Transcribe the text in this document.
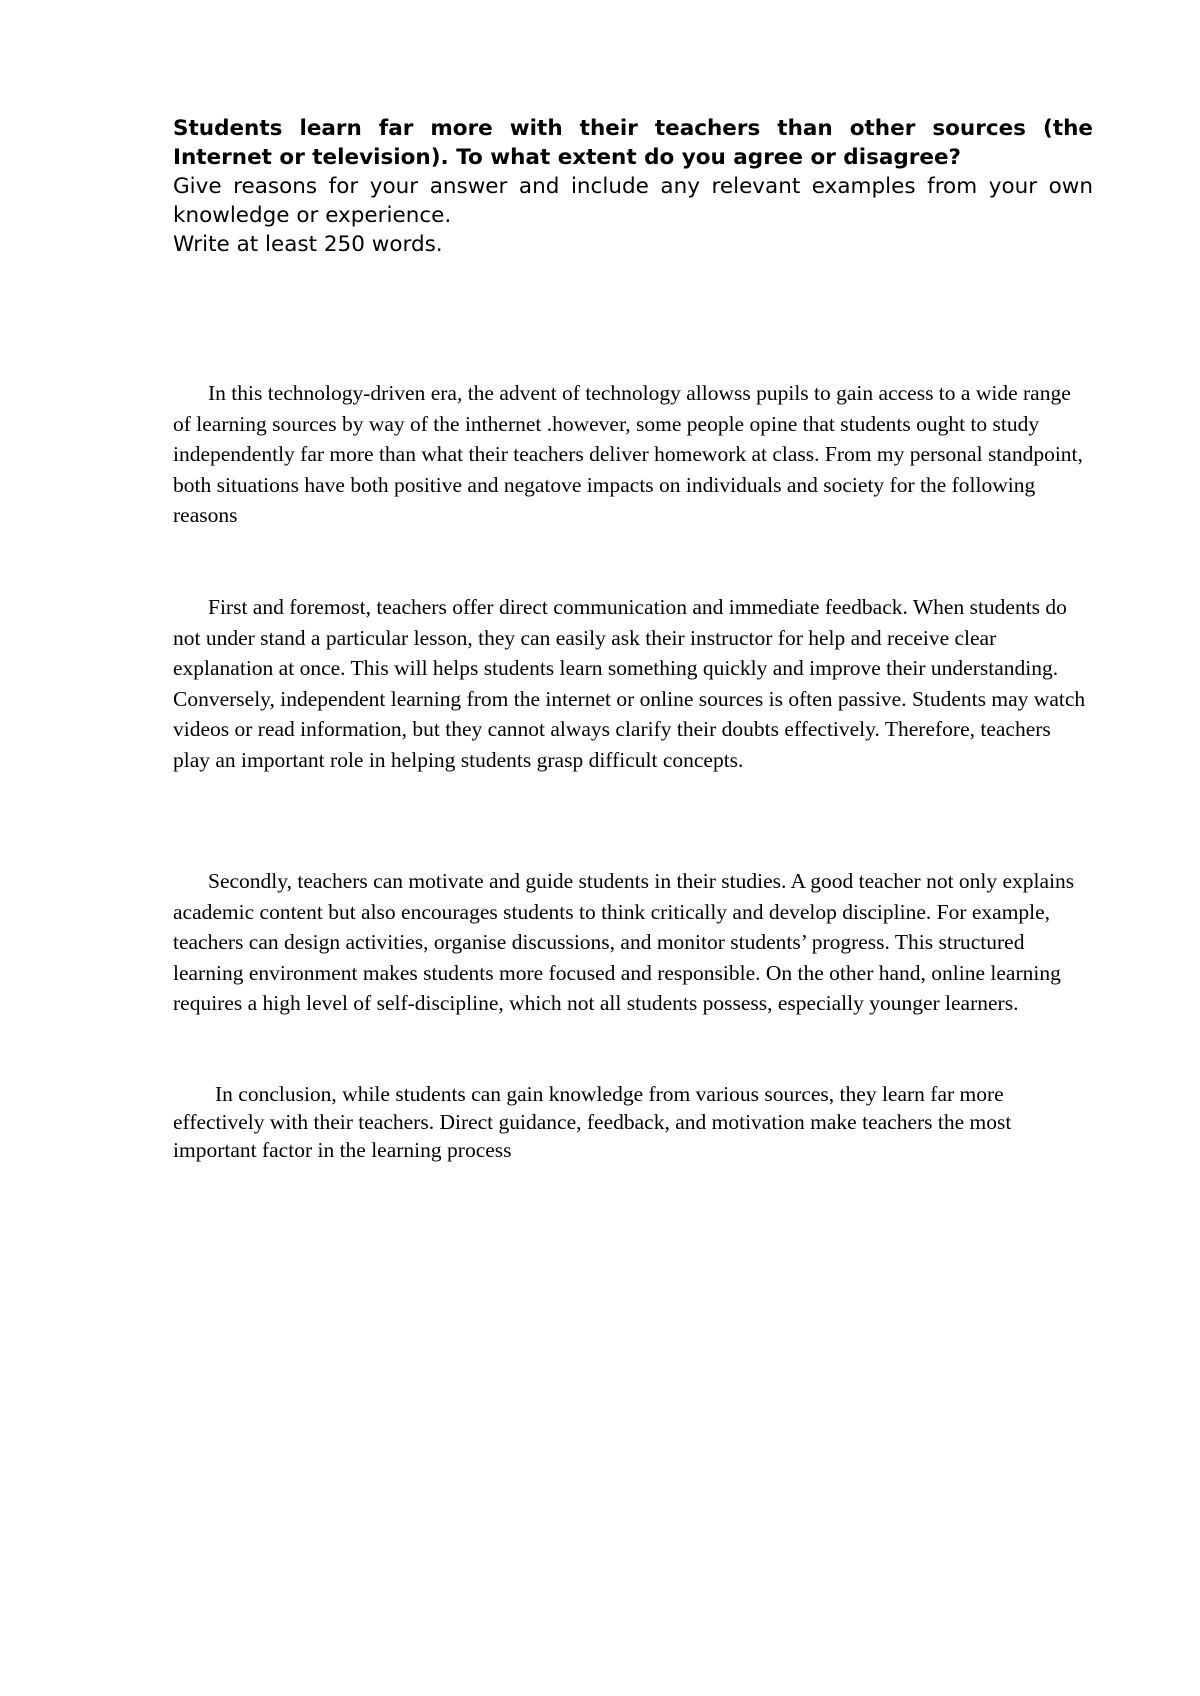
Students learn far more with their teachers than other sources (the Internet or television). To what extent do you agree or disagree?

Give reasons for your answer and include any relevant examples from your own knowledge or experience.

Write at least 250 words.

In this technology-driven era, the advent of technology allowss pupils to gain access to a wide range of learning sources by way of the inthernet .however, some people opine that students ought to study independently far more than what their teachers deliver homework at class. From my personal standpoint, both situations have both positive and negatove impacts on individuals and society for the following reasons

First and foremost, teachers offer direct communication and immediate feedback. When students do not under stand a particular lesson, they can easily ask their instructor for help and receive clear explanation at once. This will helps students learn something quickly and improve their understanding. Conversely, independent learning from the internet or online sources is often passive. Students may watch videos or read information, but they cannot always clarify their doubts effectively. Therefore, teachers play an important role in helping students grasp difficult concepts.

Secondly, teachers can motivate and guide students in their studies. A good teacher not only explains academic content but also encourages students to think critically and develop discipline. For example, teachers can design activities, organise discussions, and monitor students’ progress. This structured learning environment makes students more focused and responsible. On the other hand, online learning requires a high level of self-discipline, which not all students possess, especially younger learners.

In conclusion, while students can gain knowledge from various sources, they learn far more effectively with their teachers. Direct guidance, feedback, and motivation make teachers the most important factor in the learning process
